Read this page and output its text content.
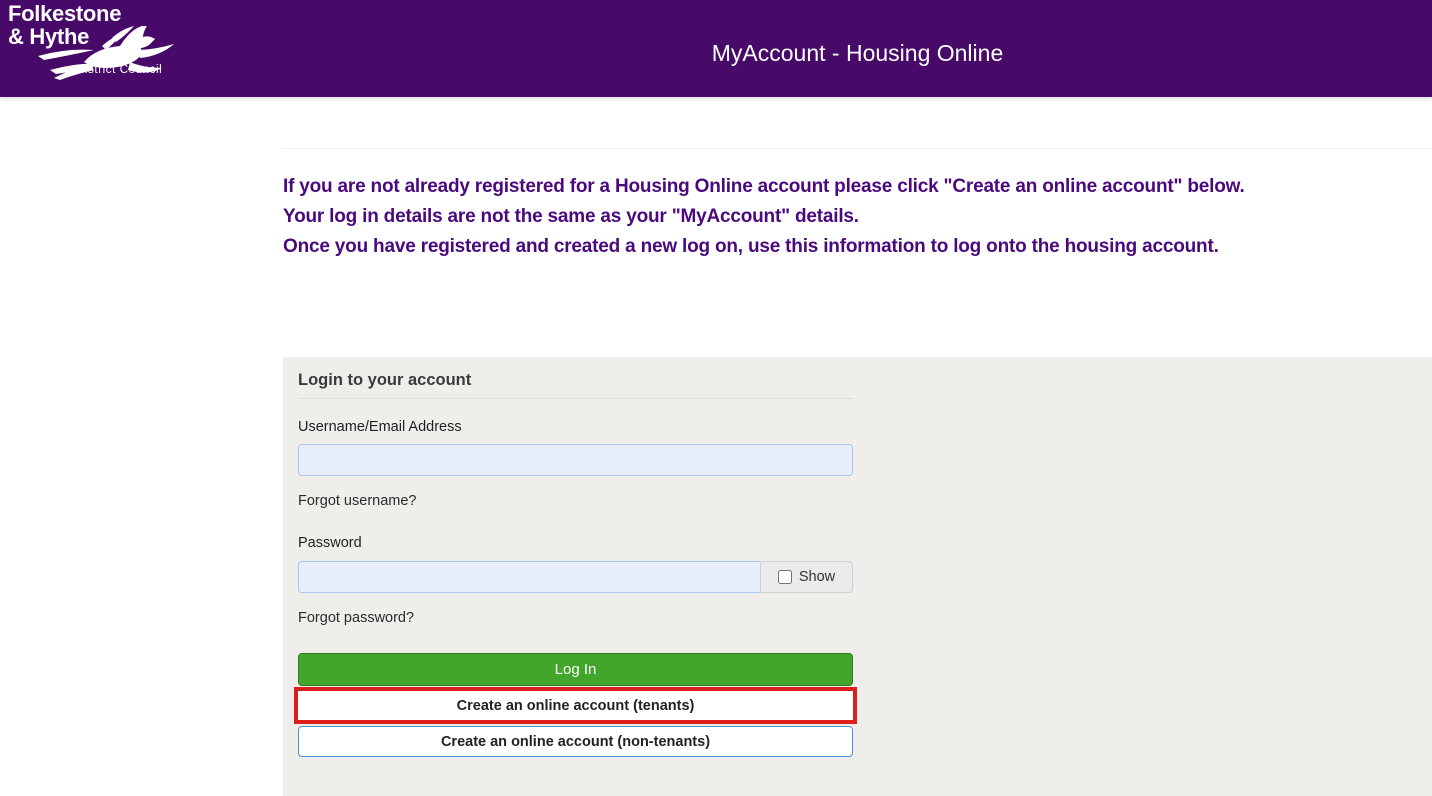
Folkestone
& Hythe
District Council
MyAccount - Housing Online

If you are not already registered for a Housing Online account please click "Create an online account" below.

Your log in details are not the same as your "MyAccount" details.

Once you have registered and created a new log on, use this information to log onto the housing account.

Login to your account
Username/Email Address
Forgot username?
Password
Show
Forgot password?
Log In
Create an online account (tenants)
Create an online account (non-tenants)
